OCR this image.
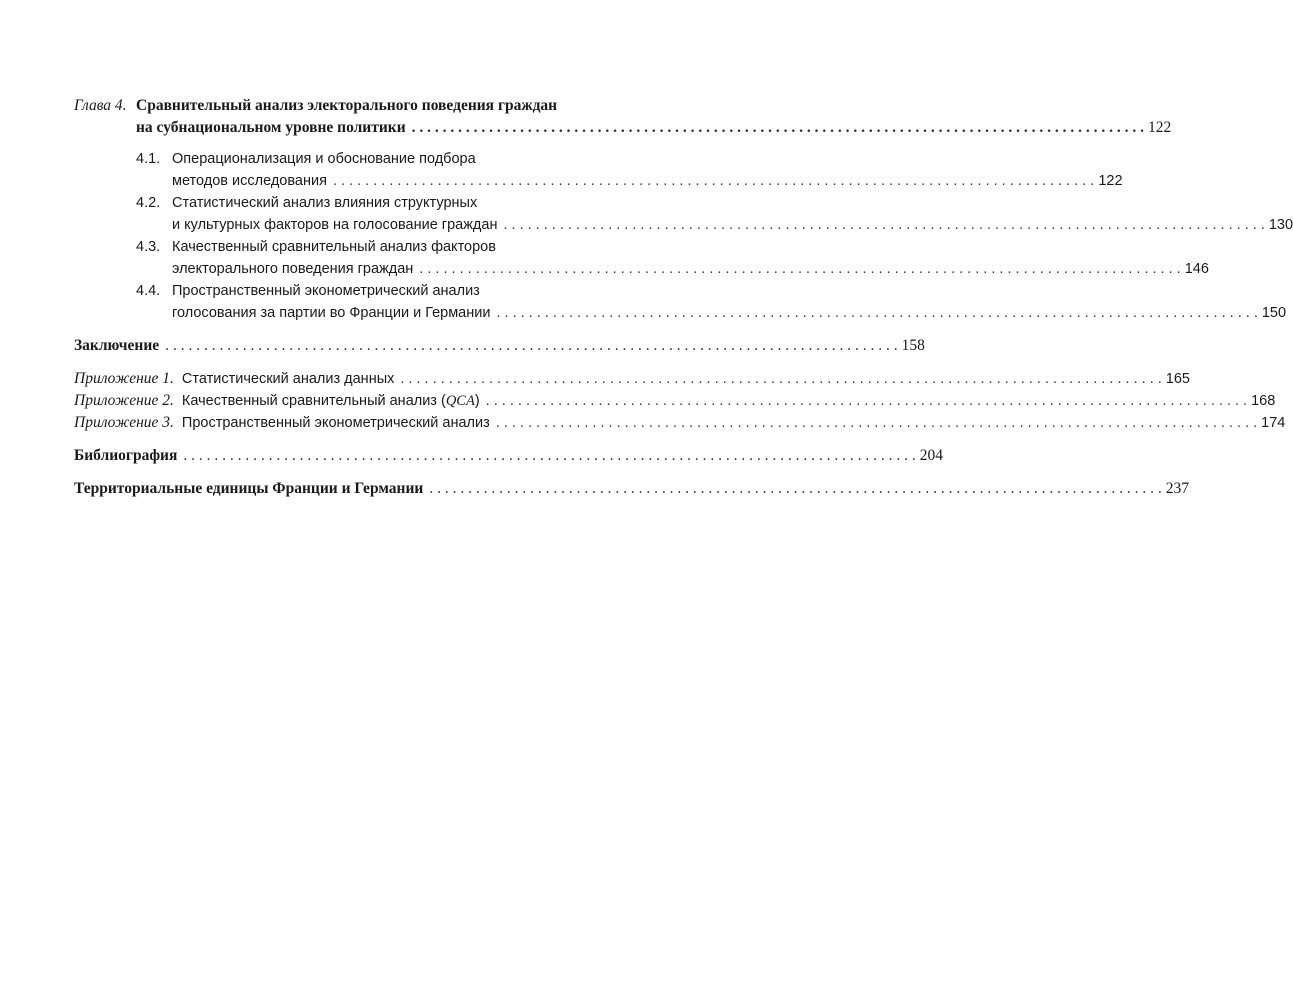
Глава 4. Сравнительный анализ электорального поведения граждан
на субнациональном уровне политики . . .	122
4.1. Операционализация и обоснование подбора
методов исследования . . .	122
4.2. Статистический анализ влияния структурных
и культурных факторов на голосование граждан . . .	130
4.3. Качественный сравнительный анализ факторов
электорального поведения граждан . . .	146
4.4. Пространственный эконометрический анализ
голосования за партии во Франции и Германии . . .	150
Заключение . . .	158
Приложение 1. Статистический анализ данных . . .	165
Приложение 2. Качественный сравнительный анализ (QCA) . . .	168
Приложение 3. Пространственный эконометрический анализ . . .	174
Библиография . . .	204
Территориальные единицы Франции и Германии . . .	237
